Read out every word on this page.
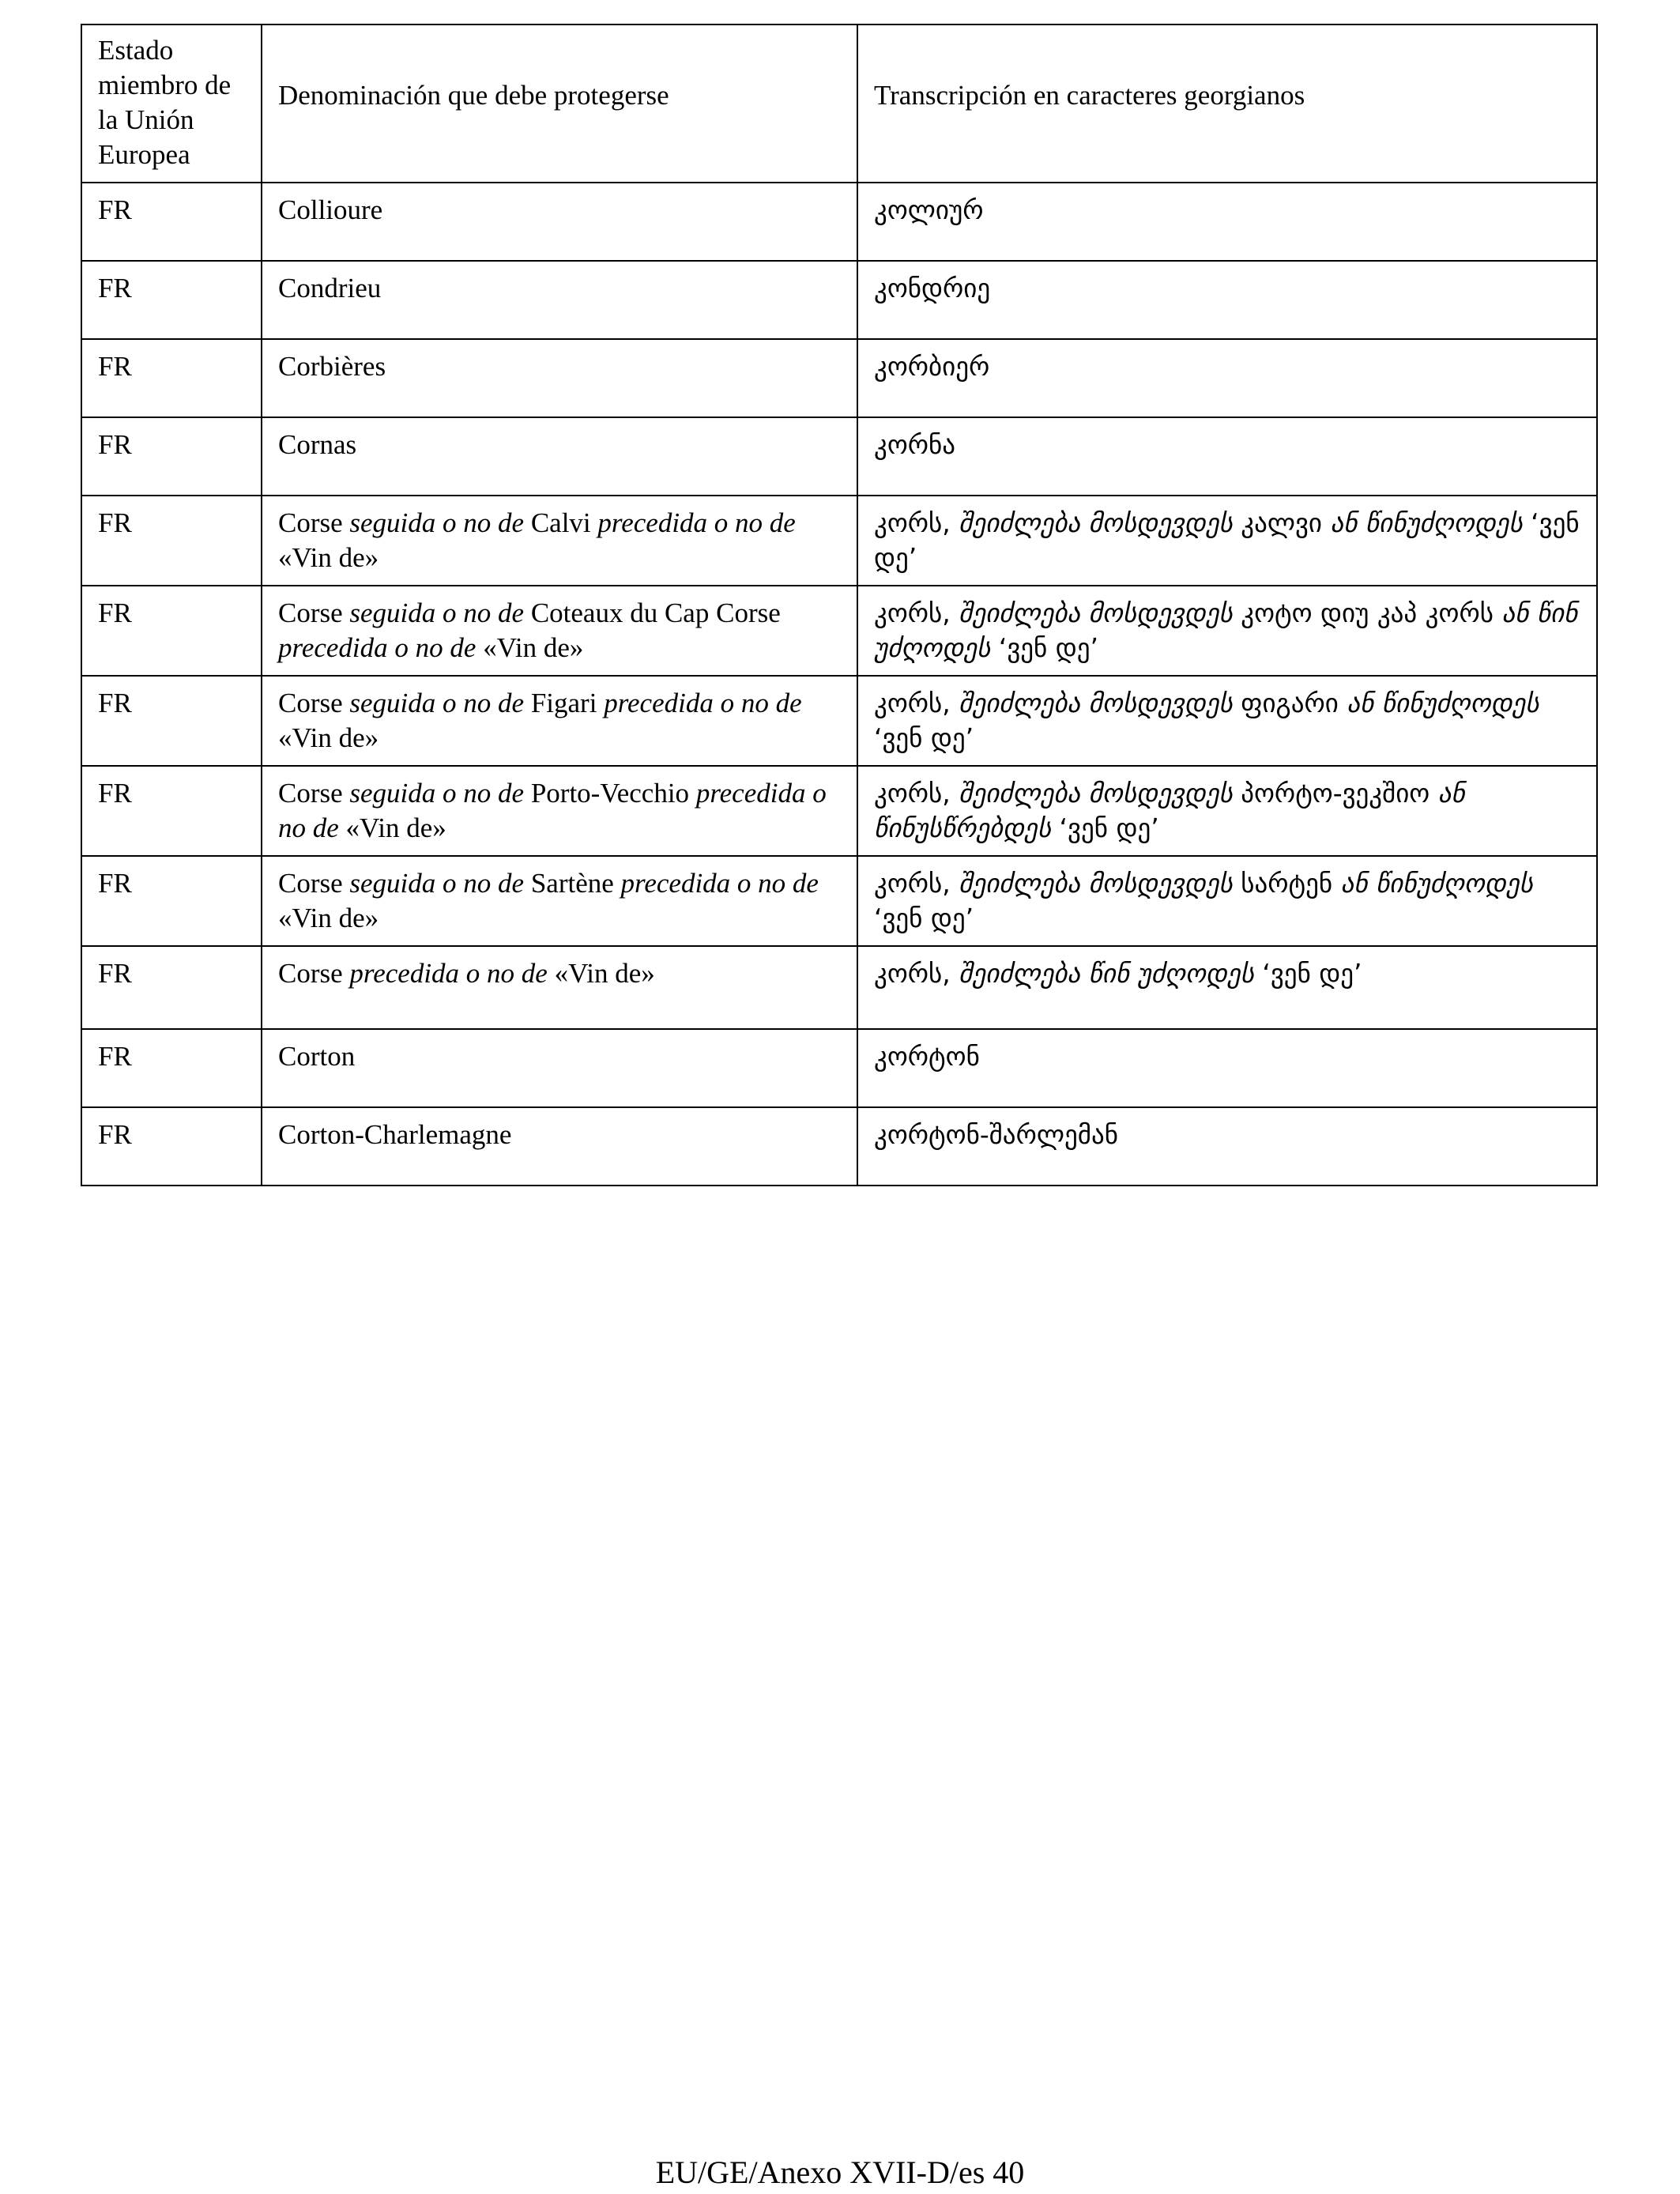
Estado miembro de la Unión Europea	Denominación que debe protegerse	Transcripción en caracteres georgianos
FR	Collioure	კოლიურ
FR	Condrieu	კონდრიე
FR	Corbières	კორბიერ
FR	Cornas	კორნა
FR	Corse seguida o no de Calvi precedida o no de «Vin de»	კორს, შეიძლება მოსდევდეს კალვი ან წინუძღოდეს ‘ვენ დე’
FR	Corse seguida o no de Coteaux du Cap Corse precedida o no de «Vin de»	კორს, შეიძლება მოსდევდეს კოტო დიუ კაპ კორს ან წინ უძღოდეს ‘ვენ დე’
FR	Corse seguida o no de Figari precedida o no de «Vin de»	კორს, შეიძლება მოსდევდეს ფიგარი ან წინუძღოდეს ‘ვენ დე’
FR	Corse seguida o no de Porto-Vecchio precedida o no de «Vin de»	კორს, შეიძლება მოსდევდეს პორტო-ვეკშიო ან წინუსწრებდეს ‘ვენ დე’
FR	Corse seguida o no de Sartène precedida o no de «Vin de»	კორს, შეიძლება მოსდევდეს სარტენ ან წინუძღოდეს ‘ვენ დე’
FR	Corse precedida o no de «Vin de»	კორს, შეიძლება წინ უძღოდეს ‘ვენ დე’
FR	Corton	კორტონ
FR	Corton-Charlemagne	კორტონ-შარლემან
EU/GE/Anexo XVII-D/es 40
